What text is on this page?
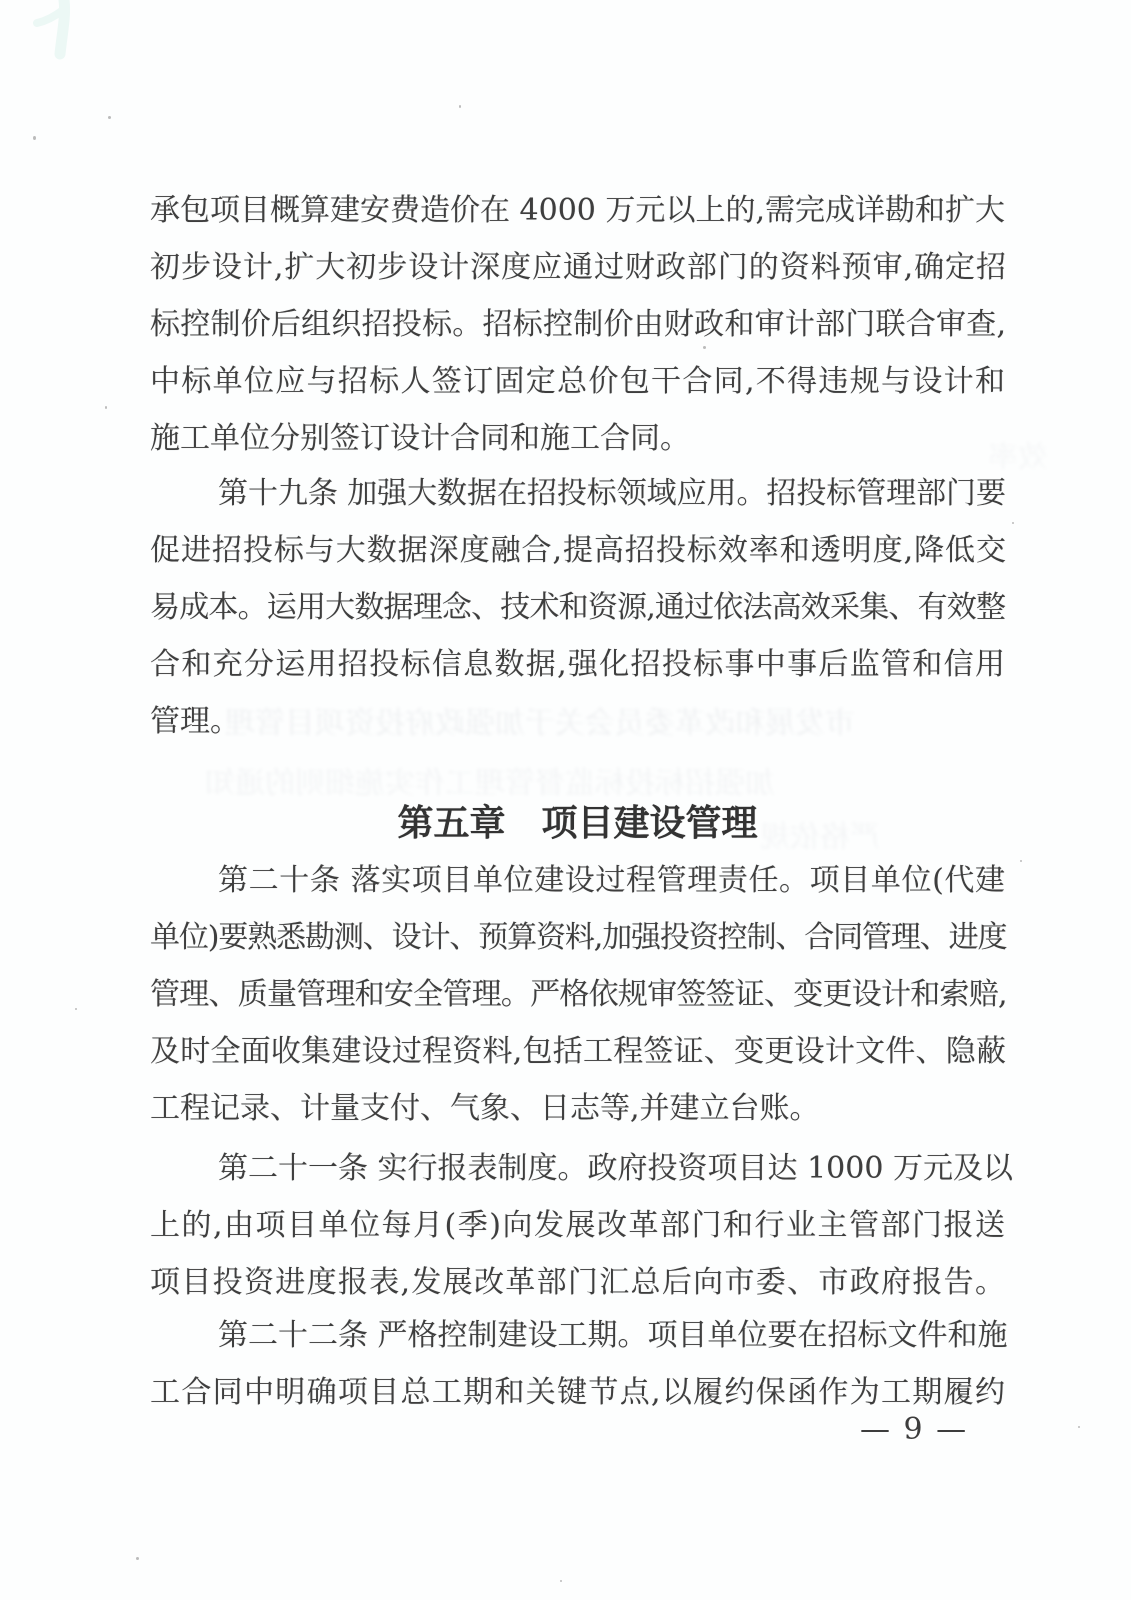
承包项目概算建安费造价在 4000 万元以上的,需完成详勘和扩大
初步设计,扩大初步设计深度应通过财政部门的资料预审,确定招
标控制价后组织招投标。招标控制价由财政和审计部门联合审查,
中标单位应与招标人签订固定总价包干合同,不得违规与设计和
施工单位分别签订设计合同和施工合同。
第十九条 加强大数据在招投标领域应用。招投标管理部门要
促进招投标与大数据深度融合,提高招投标效率和透明度,降低交
易成本。运用大数据理念、技术和资源,通过依法高效采集、有效整
合和充分运用招投标信息数据,强化招投标事中事后监管和信用
管理。
第五章　项目建设管理
第二十条 落实项目单位建设过程管理责任。项目单位(代建
单位)要熟悉勘测、设计、预算资料,加强投资控制、合同管理、进度
管理、质量管理和安全管理。严格依规审签签证、变更设计和索赔,
及时全面收集建设过程资料,包括工程签证、变更设计文件、隐蔽
工程记录、计量支付、气象、日志等,并建立台账。
第二十一条 实行报表制度。政府投资项目达 1000 万元及以
上的,由项目单位每月(季)向发展改革部门和行业主管部门报送
项目投资进度报表,发展改革部门汇总后向市委、市政府报告。
第二十二条 严格控制建设工期。项目单位要在招标文件和施
工合同中明确项目总工期和关键节点,以履约保函作为工期履约
— 9 —
市发展和改革委员会关于加强政府投资项目管理
加强招标投标监督管理工作实施细则的通知
严格依规
效率
